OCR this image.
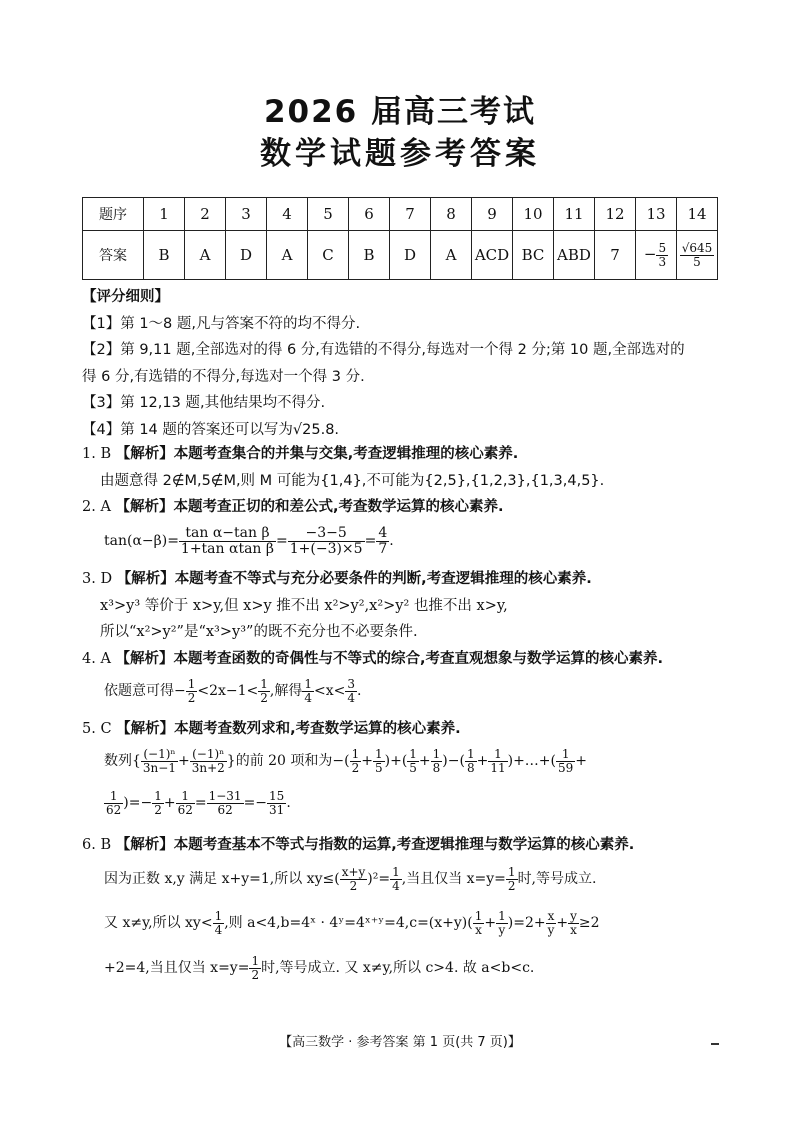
2026 届高三考试
数学试题参考答案
题序	1	2	3	4	5	6	7	8	9	10	11	12	13	14
答案	B	A	D	A	C	B	D	A	ACD	BC	ABD	7	− $\frac{5}{3}$	$\frac{√645}{5}$
【评分细则】
【1】第 1～8 题,凡与答案不符的均不得分.
【2】第 9,11 题,全部选对的得 6 分,有选错的不得分,每选对一个得 2 分;第 10 题,全部选对的
得 6 分,有选错的不得分,每选对一个得 3 分.
【3】第 12,13 题,其他结果均不得分.
【4】第 14 题的答案还可以写为√25.8.
1. B 【解析】本题考查集合的并集与交集,考查逻辑推理的核心素养.
由题意得 2∉M,5∉M,则 M 可能为{1,4},不可能为{2,5},{1,2,3},{1,3,4,5}.
2. A 【解析】本题考查正切的和差公式,考查数学运算的核心素养.
$\tan(\alpha-\beta)= \frac{\text{tan α−tan β}}{\text{1+tan αtan β}} = \frac{-3-5}{1+(-3)\times 5} = \frac{4}{7}$ .
3. D 【解析】本题考查不等式与充分必要条件的判断,考查逻辑推理的核心素养.
x³>y³ 等价于 x>y,但 x>y 推不出 x²>y²,x²>y² 也推不出 x>y,
所以“x²>y²”是“x³>y³”的既不充分也不必要条件.
4. A 【解析】本题考查函数的奇偶性与不等式的综合,考查直观想象与数学运算的核心素养.
依题意可得− $\frac{1}{2} <2x-1< \frac{1}{2}$ ,解得 $\frac{1}{4} <x< \frac{3}{4}$ .
5. C 【解析】本题考查数列求和,考查数学运算的核心素养.
数列{ $\frac{\text{(−1)ⁿ}}{3n-1} + \frac{\text{(−1)ⁿ}}{3n+2}$ }的前 20 项和为−( $\frac{1}{2} + \frac{1}{5}$ )+( $\frac{1}{5} + \frac{1}{8}$ )−( $\frac{1}{8} + \frac{1}{11}$ )+…+( $\frac{1}{59}$ +
$\frac{1}{62}$ )=− $\frac{1}{2} + \frac{1}{62} = \frac{1-31}{62} =- \frac{15}{31}$ .
6. B 【解析】本题考查基本不等式与指数的运算,考查逻辑推理与数学运算的核心素养.
因为正数 x,y 满足 x+y=1,所以 $xy\le( \frac{x+y}{2} )^2= \frac{1}{4}$ ,当且仅当 $x=y= \frac{1}{2}$ 时,等号成立.
又 x≠y,所以 $xy< \frac{1}{4}$ ,则 a<4,b=4ˣ · 4ʸ=4ˣ⁺ʸ=4,c=(x+y)( $\frac{1}{x} + \frac{1}{y} )=2+ \frac{x}{y} + \frac{y}{x} \ge 2$
+2=4,当且仅当 $x=y= \frac{1}{2}$ 时,等号成立. 又 x≠y,所以 c>4. 故 a<b<c.
【高三数学 · 参考答案 第 1 页(共 7 页)】
